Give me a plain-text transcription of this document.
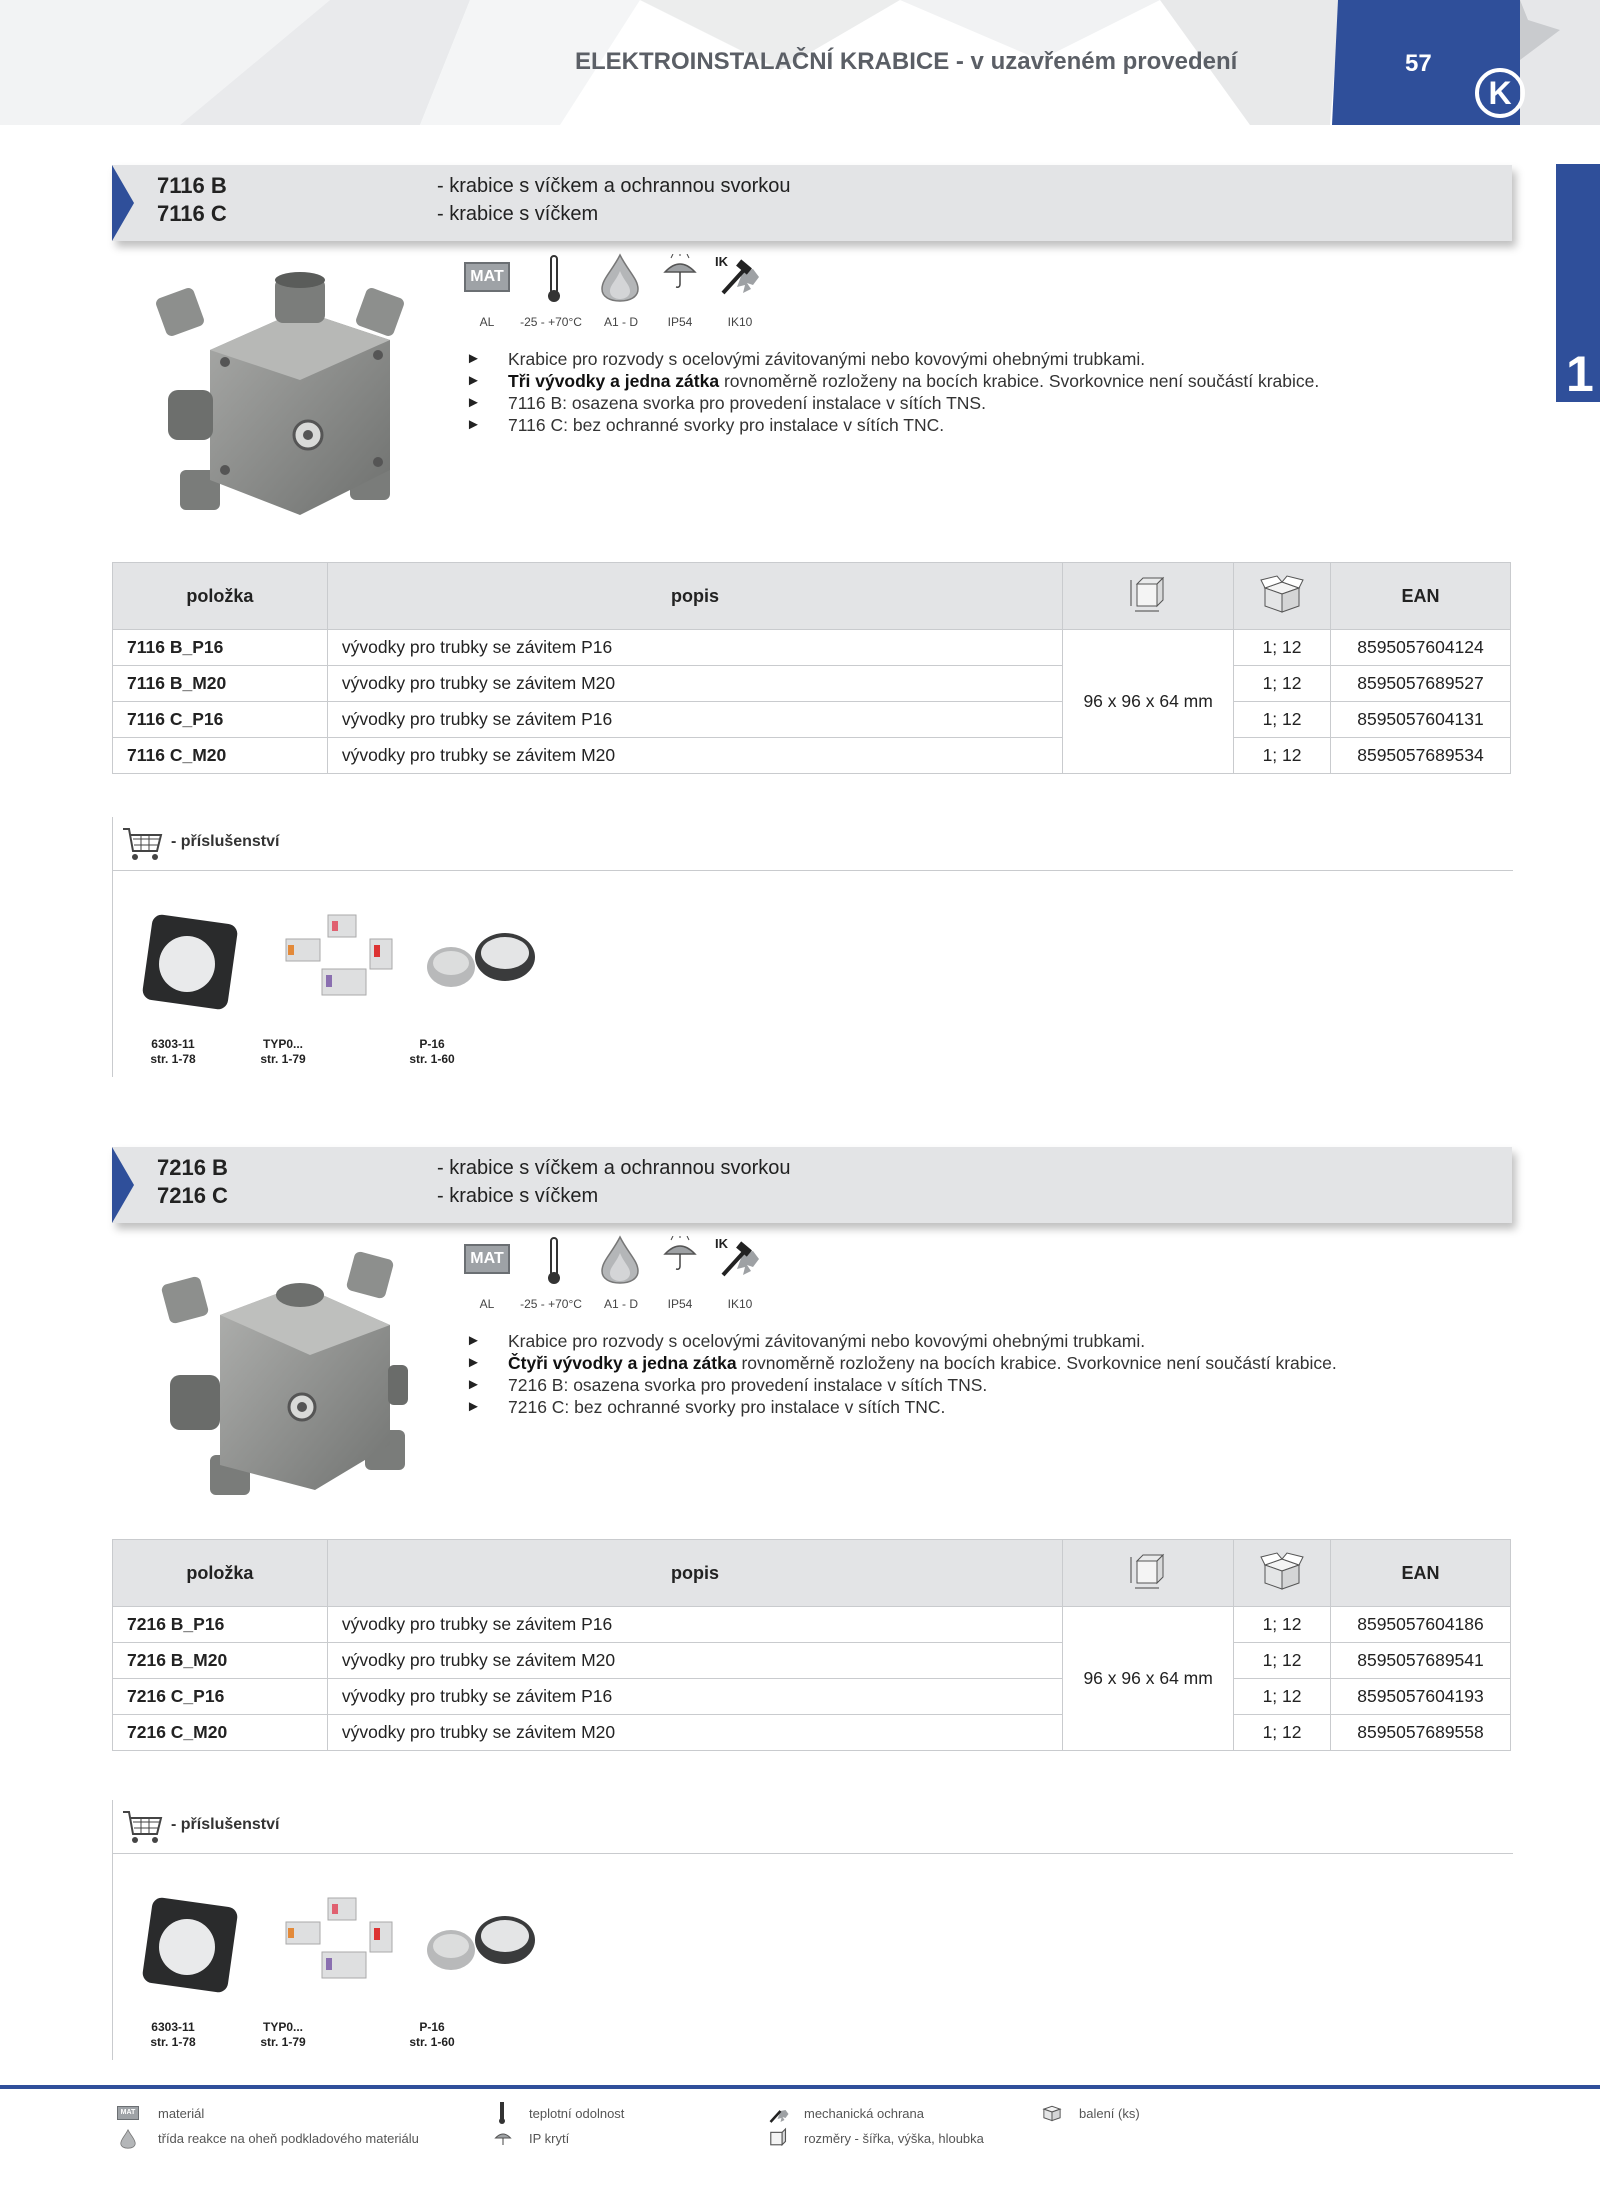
ELEKTROINSTALAČNÍ KRABICE - v uzavřeném provedení	57
K
1
7116 B
7116 C
- krabice s víčkem a ochrannou svorkou
- krabice s víčkem
MAT
IK
AL	-25 - +70°C	A1 - D	IP54	IK10
► Krabice pro rozvody s ocelovými závitovanými nebo kovovými ohebnými trubkami.
► Tři vývodky a jedna zátka rovnoměrně rozloženy na bocích krabice. Svorkovnice není součástí krabice.
► 7116 B: osazena svorka pro provedení instalace v sítích TNS.
► 7116 C: bez ochranné svorky pro instalace v sítích TNC.
položka	popis			EAN
7116 B_P16	vývodky pro trubky se závitem P16	96 x 96 x 64 mm	1; 12	8595057604124
7116 B_M20	vývodky pro trubky se závitem M20		1; 12	8595057689527
7116 C_P16	vývodky pro trubky se závitem P16		1; 12	8595057604131
7116 C_M20	vývodky pro trubky se závitem M20		1; 12	8595057689534
- příslušenství
6303-11
str. 1-78
TYP0...
str. 1-79
P-16
str. 1-60
7216 B
7216 C
- krabice s víčkem a ochrannou svorkou
- krabice s víčkem
MAT
IK
AL	-25 - +70°C	A1 - D	IP54	IK10
► Krabice pro rozvody s ocelovými závitovanými nebo kovovými ohebnými trubkami.
► Čtyři vývodky a jedna zátka rovnoměrně rozloženy na bocích krabice. Svorkovnice není součástí krabice.
► 7216 B: osazena svorka pro provedení instalace v sítích TNS.
► 7216 C: bez ochranné svorky pro instalace v sítích TNC.
položka	popis			EAN
7216 B_P16	vývodky pro trubky se závitem P16	96 x 96 x 64 mm	1; 12	8595057604186
7216 B_M20	vývodky pro trubky se závitem M20		1; 12	8595057689541
7216 C_P16	vývodky pro trubky se závitem P16		1; 12	8595057604193
7216 C_M20	vývodky pro trubky se závitem M20		1; 12	8595057689558
- příslušenství
6303-11
str. 1-78
TYP0...
str. 1-79
P-16
str. 1-60
MAT materiál
třída reakce na oheň podkladového materiálu
teplotní odolnost
IP krytí
mechanická ochrana
rozměry - šířka, výška, hloubka
balení (ks)
